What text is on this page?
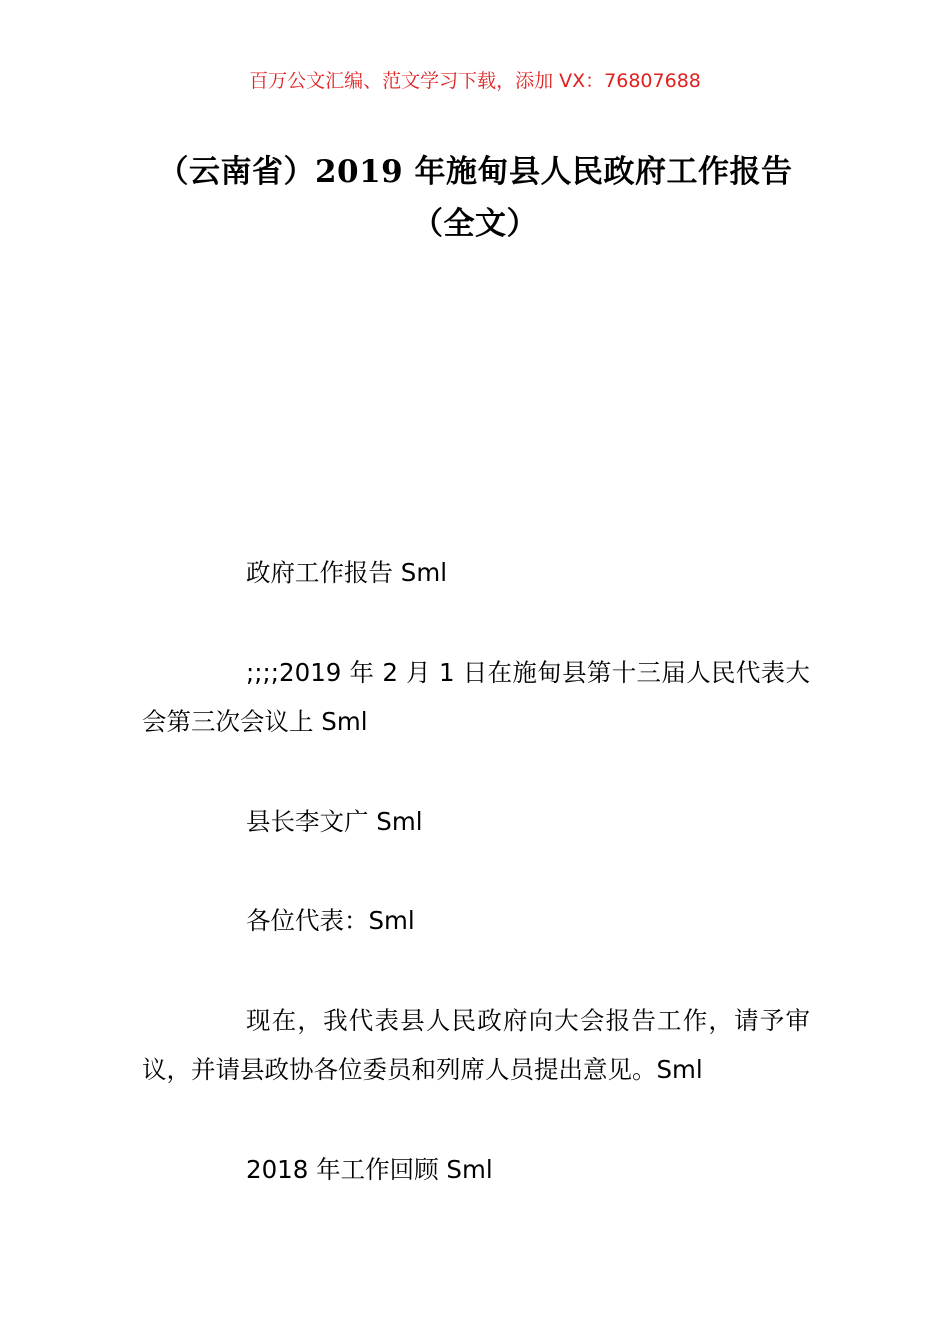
百万公文汇编、范文学习下载，添加 VX：76807688
（云南省）2019 年施甸县人民政府工作报告（全文）
政府工作报告 Sml
;;;;2019 年 2 月 1 日在施甸县第十三届人民代表大会第三次会议上 Sml
县长李文广 Sml
各位代表：Sml
现在，我代表县人民政府向大会报告工作，请予审议，并请县政协各位委员和列席人员提出意见。Sml
2018 年工作回顾 Sml
